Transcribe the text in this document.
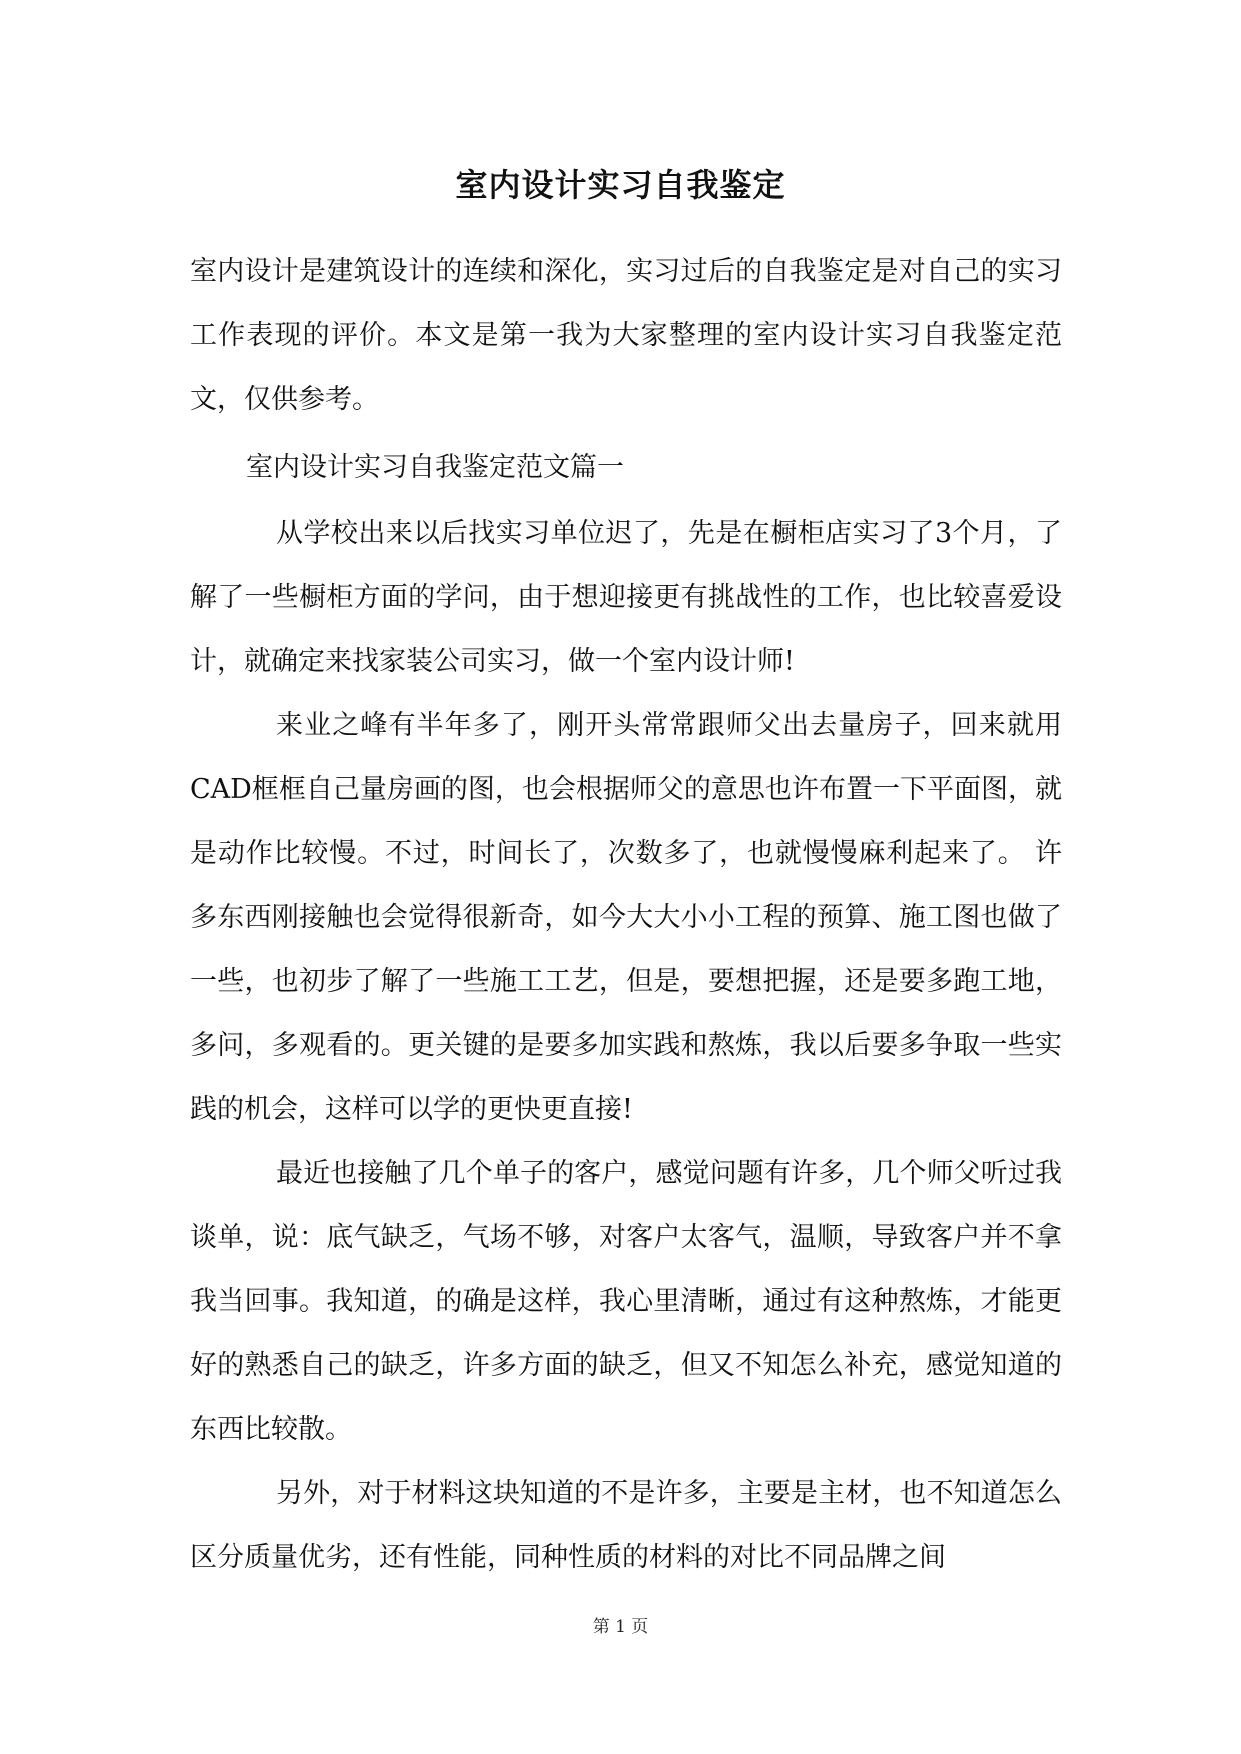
室内设计实习自我鉴定

室内设计是建筑设计的连续和深化，实习过后的自我鉴定是对自己的实习工作表现的评价。本文是第一我为大家整理的室内设计实习自我鉴定范文，仅供参考。

室内设计实习自我鉴定范文篇一

从学校出来以后找实习单位迟了，先是在橱柜店实习了3个月，了解了一些橱柜方面的学问，由于想迎接更有挑战性的工作，也比较喜爱设计，就确定来找家装公司实习，做一个室内设计师!

来业之峰有半年多了，刚开头常常跟师父出去量房子，回来就用CAD框框自己量房画的图，也会根据师父的意思也许布置一下平面图，就是动作比较慢。不过，时间长了，次数多了，也就慢慢麻利起来了。 许多东西刚接触也会觉得很新奇，如今大大小小工程的预算、施工图也做了一些，也初步了解了一些施工工艺，但是，要想把握，还是要多跑工地，多问，多观看的。更关键的是要多加实践和熬炼，我以后要多争取一些实践的机会，这样可以学的更快更直接!

最近也接触了几个单子的客户，感觉问题有许多，几个师父听过我谈单，说：底气缺乏，气场不够，对客户太客气，温顺，导致客户并不拿我当回事。我知道，的确是这样，我心里清晰，通过有这种熬炼，才能更好的熟悉自己的缺乏，许多方面的缺乏，但又不知怎么补充，感觉知道的东西比较散。

另外，对于材料这块知道的不是许多，主要是主材，也不知道怎么区分质量优劣，还有性能，同种性质的材料的对比不同品牌之间

第 1 页
